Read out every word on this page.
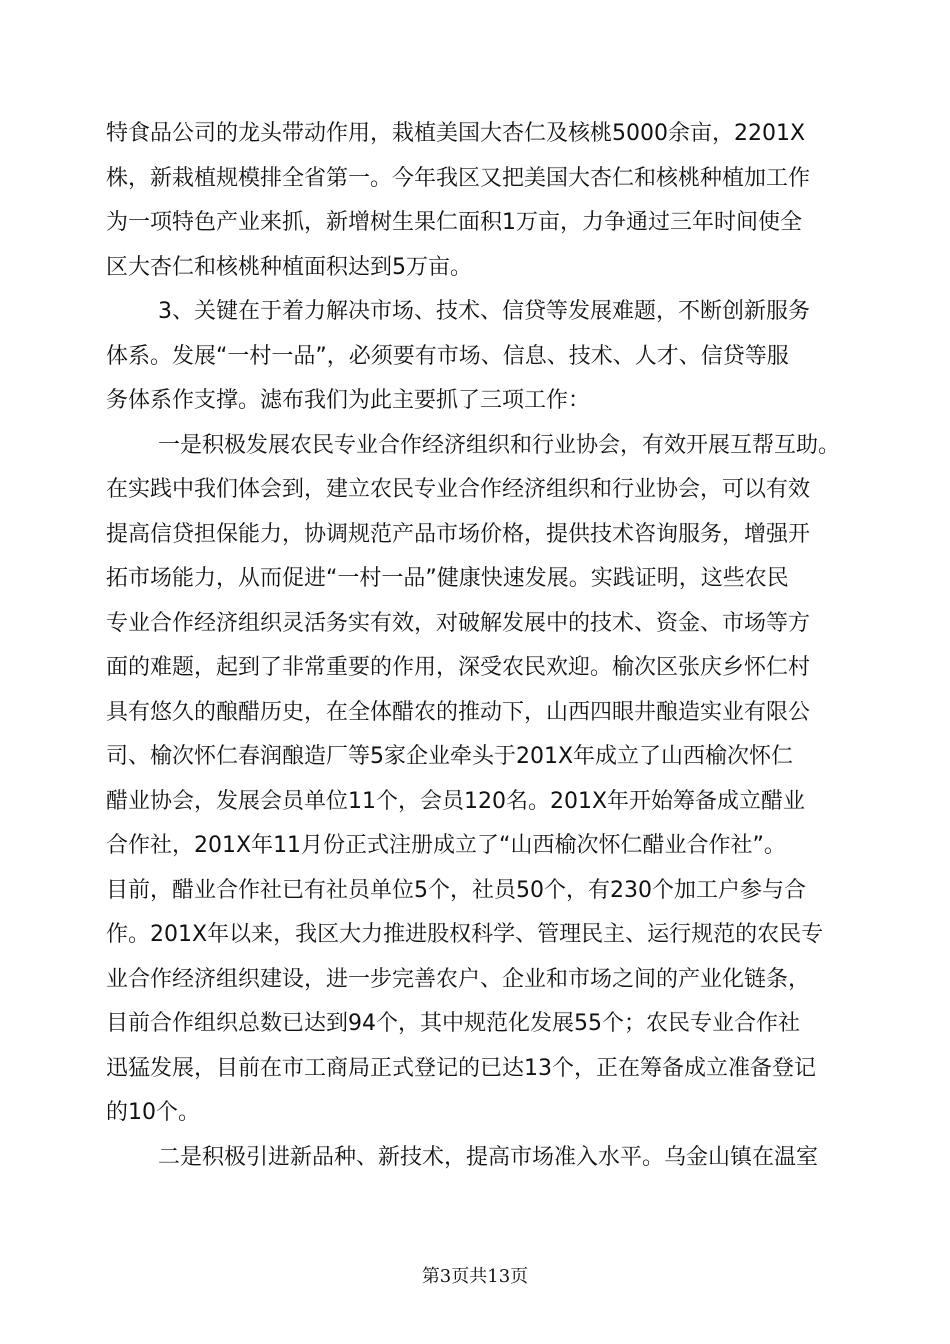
特食品公司的龙头带动作用，栽植美国大杏仁及核桃5000余亩，2201X
株，新栽植规模排全省第一。今年我区又把美国大杏仁和核桃种植加工作
为一项特色产业来抓，新增树生果仁面积1万亩，力争通过三年时间使全
区大杏仁和核桃种植面积达到5万亩。
3、关键在于着力解决市场、技术、信贷等发展难题，不断创新服务
体系。发展“一村一品”，必须要有市场、信息、技术、人才、信贷等服
务体系作支撑。滤布我们为此主要抓了三项工作：
一是积极发展农民专业合作经济组织和行业协会，有效开展互帮互助。
在实践中我们体会到，建立农民专业合作经济组织和行业协会，可以有效
提高信贷担保能力，协调规范产品市场价格，提供技术咨询服务，增强开
拓市场能力，从而促进“一村一品”健康快速发展。实践证明，这些农民
专业合作经济组织灵活务实有效，对破解发展中的技术、资金、市场等方
面的难题，起到了非常重要的作用，深受农民欢迎。榆次区张庆乡怀仁村
具有悠久的酿醋历史，在全体醋农的推动下，山西四眼井酿造实业有限公
司、榆次怀仁春润酿造厂等5家企业牵头于201X年成立了山西榆次怀仁
醋业协会，发展会员单位11个，会员120名。201X年开始筹备成立醋业
合作社，201X年11月份正式注册成立了“山西榆次怀仁醋业合作社”。
目前，醋业合作社已有社员单位5个，社员50个，有230个加工户参与合
作。201X年以来，我区大力推进股权科学、管理民主、运行规范的农民专
业合作经济组织建设，进一步完善农户、企业和市场之间的产业化链条，
目前合作组织总数已达到94个，其中规范化发展55个；农民专业合作社
迅猛发展，目前在市工商局正式登记的已达13个，正在筹备成立准备登记
的10个。
二是积极引进新品种、新技术，提高市场准入水平。乌金山镇在温室
第3页共13页
